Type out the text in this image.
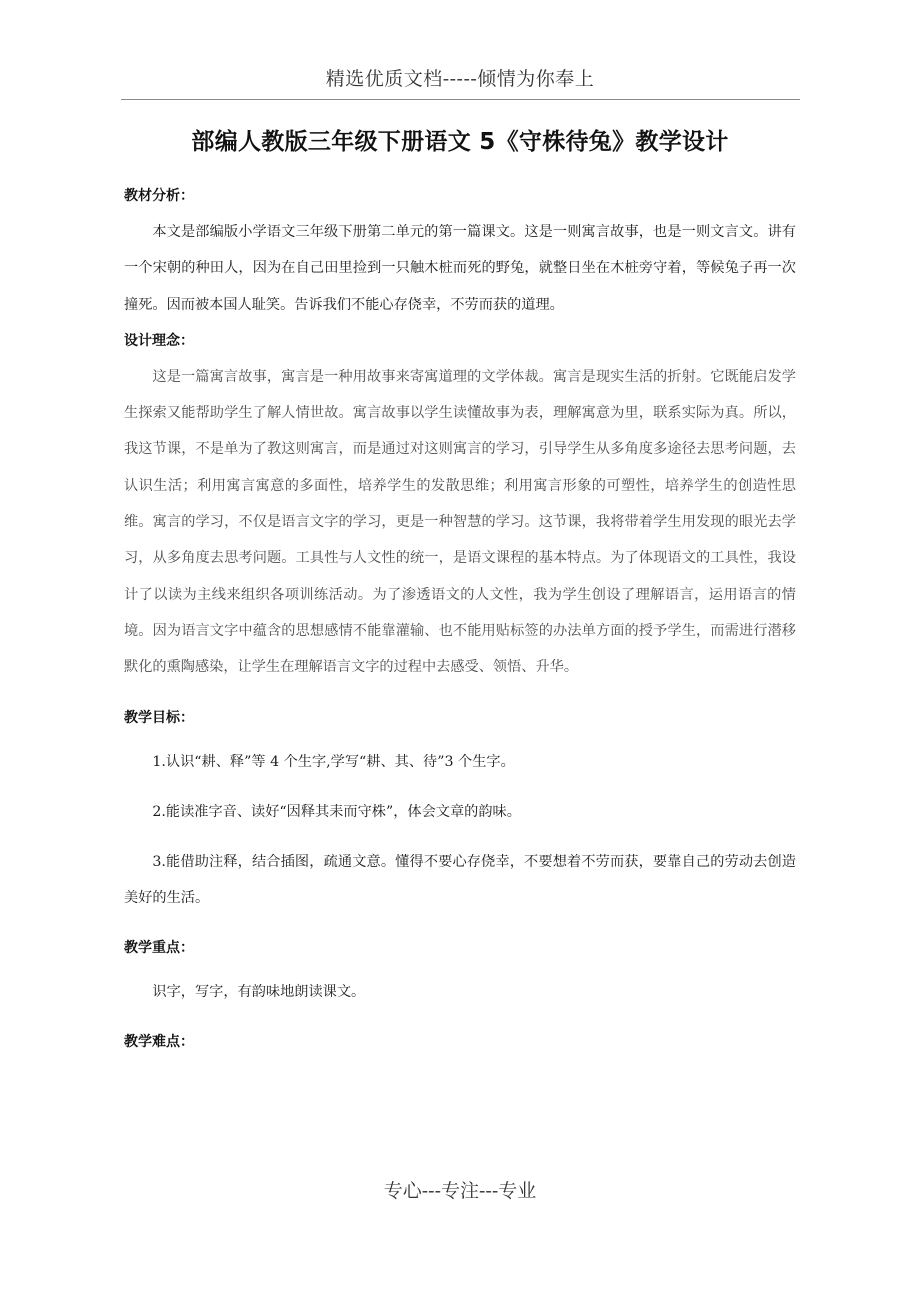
精选优质文档-----倾情为你奉上
部编人教版三年级下册语文 5《守株待兔》教学设计
教材分析：

本文是部编版小学语文三年级下册第二单元的第一篇课文。这是一则寓言故事，也是一则文言文。讲有一个宋朝的种田人，因为在自己田里捡到一只触木桩而死的野兔，就整日坐在木桩旁守着，等候兔子再一次撞死。因而被本国人耻笑。告诉我们不能心存侥幸，不劳而获的道理。

设计理念：

这是一篇寓言故事，寓言是一种用故事来寄寓道理的文学体裁。寓言是现实生活的折射。它既能启发学生探索又能帮助学生了解人情世故。寓言故事以学生读懂故事为表，理解寓意为里，联系实际为真。所以，我这节课，不是单为了教这则寓言，而是通过对这则寓言的学习，引导学生从多角度多途径去思考问题，去认识生活；利用寓言寓意的多面性，培养学生的发散思维；利用寓言形象的可塑性，培养学生的创造性思维。寓言的学习，不仅是语言文字的学习，更是一种智慧的学习。这节课，我将带着学生用发现的眼光去学习，从多角度去思考问题。工具性与人文性的统一，是语文课程的基本特点。为了体现语文的工具性，我设计了以读为主线来组织各项训练活动。为了渗透语文的人文性，我为学生创设了理解语言，运用语言的情境。因为语言文字中蕴含的思想感情不能靠灌输、也不能用贴标签的办法单方面的授予学生，而需进行潜移默化的熏陶感染，让学生在理解语言文字的过程中去感受、领悟、升华。

教学目标：

1.认识“耕、释”等 4 个生字,学写“耕、其、待”3 个生字。

2.能读准字音、读好“因释其耒而守株”，体会文章的韵味。

3.能借助注释，结合插图，疏通文意。懂得不要心存侥幸，不要想着不劳而获，要靠自己的劳动去创造美好的生活。

教学重点：

识字，写字，有韵味地朗读课文。

教学难点：
专心---专注---专业
